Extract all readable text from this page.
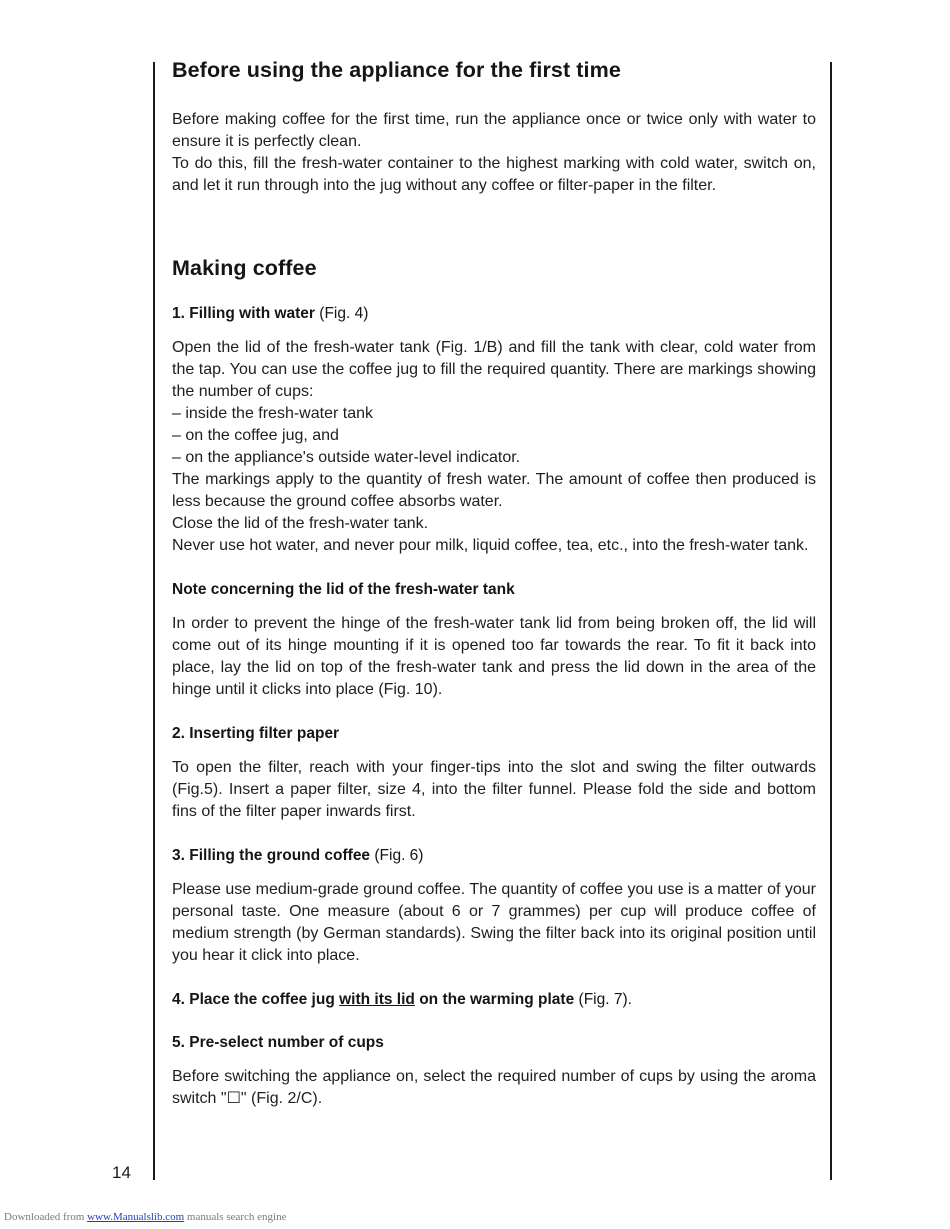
Before using the appliance for the first time

Before making coffee for the first time, run the appliance once or twice only with water to ensure it is perfectly clean.

To do this, fill the fresh-water container to the highest marking with cold water, switch on, and let it run through into the jug without any coffee or filter-paper in the filter.

Making coffee
1. Filling with water (Fig. 4)

Open the lid of the fresh-water tank (Fig. 1/B) and fill the tank with clear, cold water from the tap. You can use the coffee jug to fill the required quantity. There are markings showing the number of cups:

– inside the fresh-water tank
– on the coffee jug, and
– on the appliance's outside water-level indicator.

The markings apply to the quantity of fresh water. The amount of coffee then produced is less because the ground coffee absorbs water.

Close the lid of the fresh-water tank.

Never use hot water, and never pour milk, liquid coffee, tea, etc., into the fresh-water tank.

Note concerning the lid of the fresh-water tank

In order to prevent the hinge of the fresh-water tank lid from being broken off, the lid will come out of its hinge mounting if it is opened too far towards the rear. To fit it back into place, lay the lid on top of the fresh-water tank and press the lid down in the area of the hinge until it clicks into place (Fig. 10).

2. Inserting filter paper

To open the filter, reach with your finger-tips into the slot and swing the filter outwards (Fig.5). Insert a paper filter, size 4, into the filter funnel. Please fold the side and bottom fins of the filter paper inwards first.

3. Filling the ground coffee (Fig. 6)

Please use medium-grade ground coffee. The quantity of coffee you use is a matter of your personal taste. One measure (about 6 or 7 grammes) per cup will produce coffee of medium strength (by German standards). Swing the filter back into its original position until you hear it click into place.

4. Place the coffee jug with its lid on the warming plate (Fig. 7).
5. Pre-select number of cups

Before switching the appliance on, select the required number of cups by using the aroma switch "☐" (Fig. 2/C).

14
Downloaded from www.Manualslib.com manuals search engine
